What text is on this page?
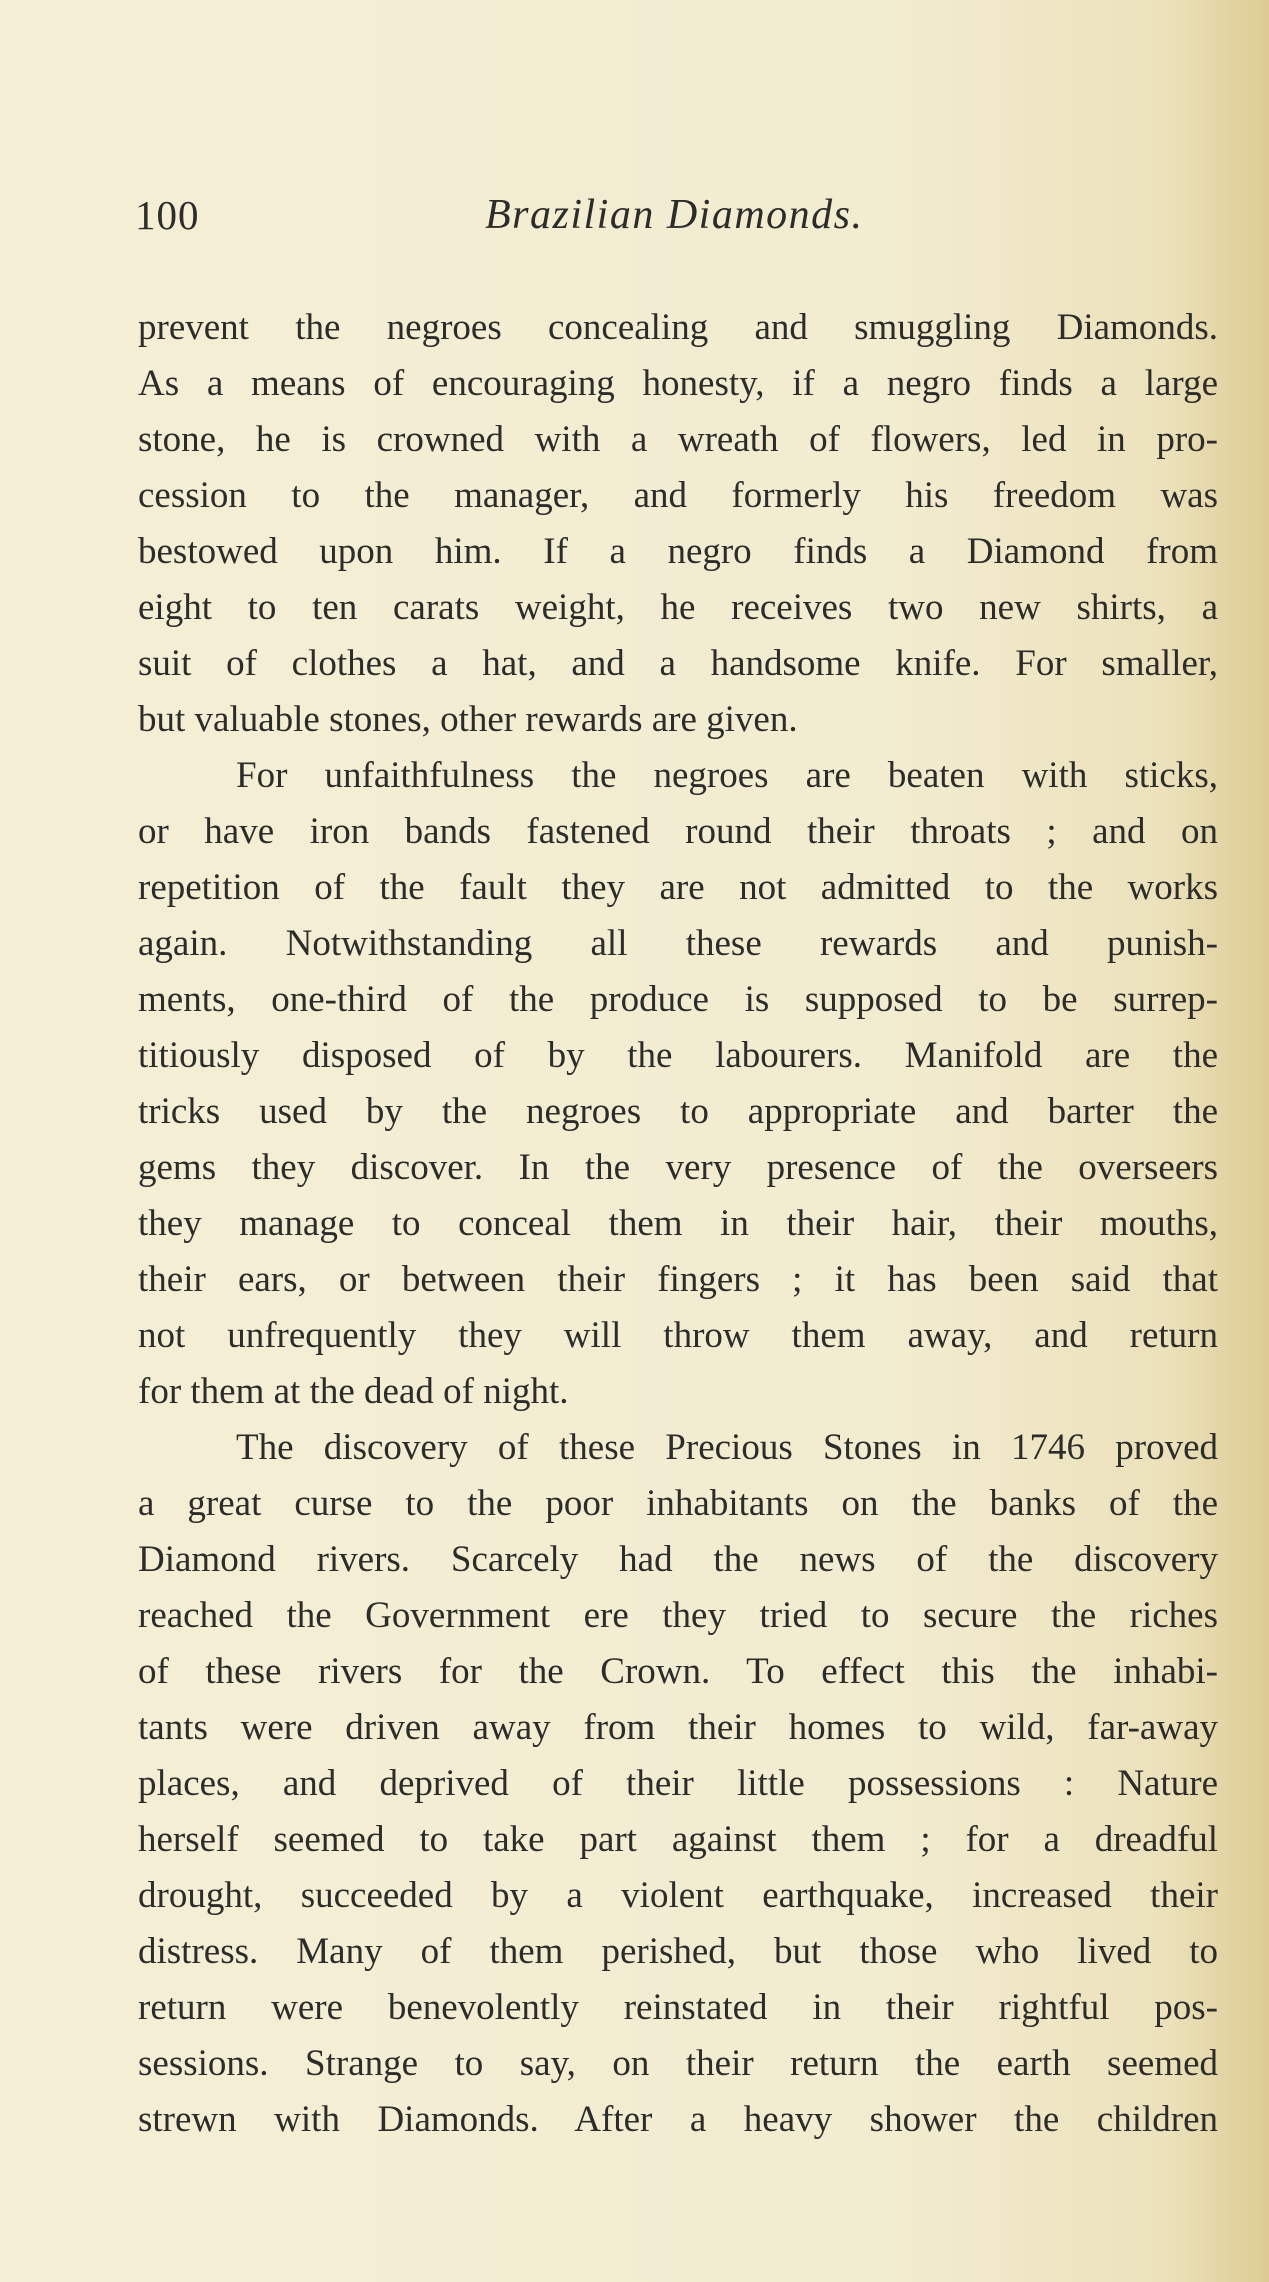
100	Brazilian Diamonds.
prevent the negroes concealing and smuggling Diamonds.
As a means of encouraging honesty, if a negro finds a large
stone, he is crowned with a wreath of flowers, led in pro-
cession to the manager, and formerly his freedom was
bestowed upon him. If a negro finds a Diamond from
eight to ten carats weight, he receives two new shirts, a
suit of clothes a hat, and a handsome knife. For smaller,
but valuable stones, other rewards are given.
For unfaithfulness the negroes are beaten with sticks,
or have iron bands fastened round their throats ; and on
repetition of the fault they are not admitted to the works
again. Notwithstanding all these rewards and punish-
ments, one-third of the produce is supposed to be surrep-
titiously disposed of by the labourers. Manifold are the
tricks used by the negroes to appropriate and barter the
gems they discover. In the very presence of the overseers
they manage to conceal them in their hair, their mouths,
their ears, or between their fingers ; it has been said that
not unfrequently they will throw them away, and return
for them at the dead of night.
The discovery of these Precious Stones in 1746 proved
a great curse to the poor inhabitants on the banks of the
Diamond rivers. Scarcely had the news of the discovery
reached the Government ere they tried to secure the riches
of these rivers for the Crown. To effect this the inhabi-
tants were driven away from their homes to wild, far-away
places, and deprived of their little possessions : Nature
herself seemed to take part against them ; for a dreadful
drought, succeeded by a violent earthquake, increased their
distress. Many of them perished, but those who lived to
return were benevolently reinstated in their rightful pos-
sessions. Strange to say, on their return the earth seemed
strewn with Diamonds. After a heavy shower the children
